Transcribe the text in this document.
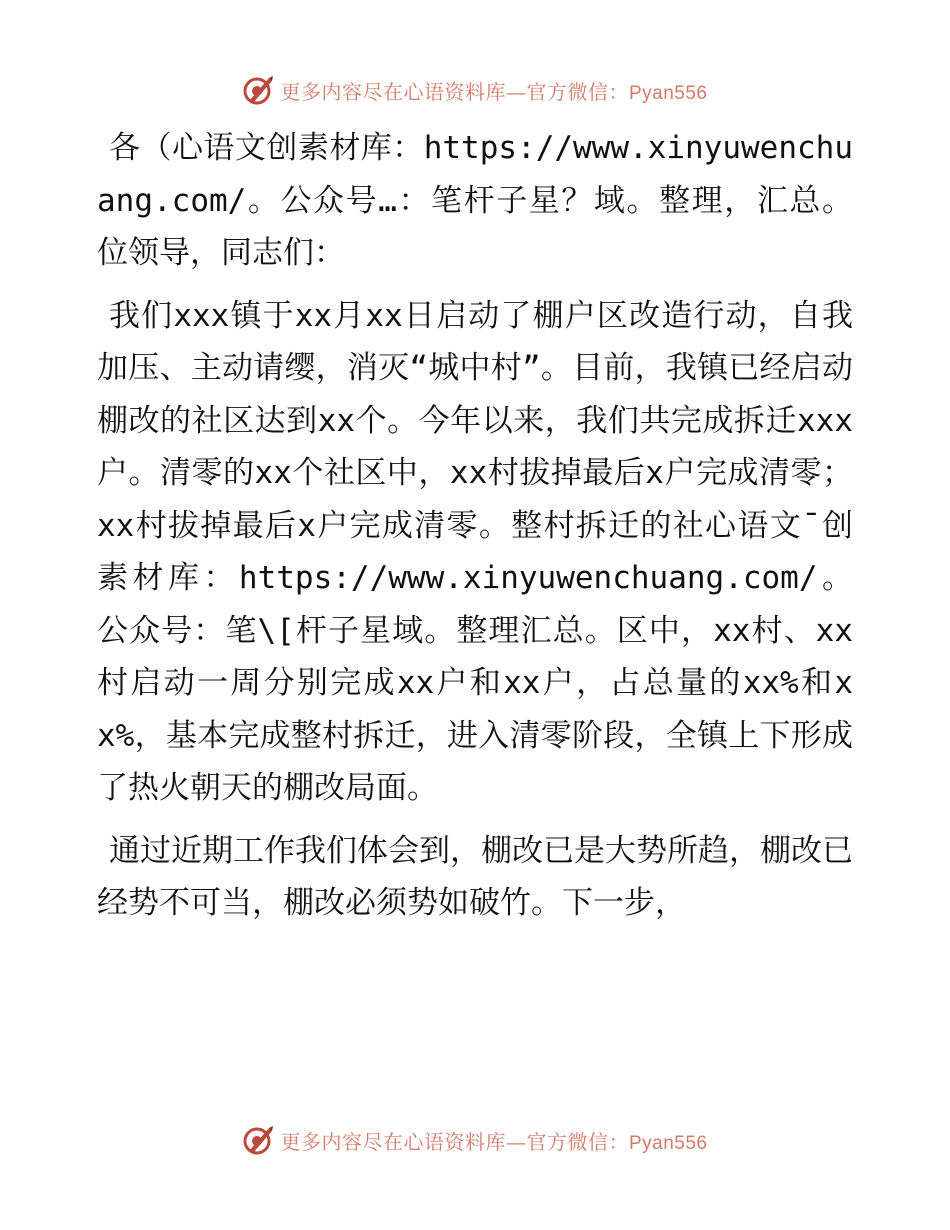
更多内容尽在心语资料库—官方微信：Pyan556

各（心语文创素材库：https://www.xinyuwenchuang.com/。公众号…：笔杆子星？域。整理，汇总。位领导，同志们：

我们xxx镇于xx月xx日启动了棚户区改造行动，自我加压、主动请缨，消灭“城中村”。目前，我镇已经启动棚改的社区达到xx个。今年以来，我们共完成拆迁xxx户。清零的xx个社区中，xx村拔掉最后x户完成清零；xx村拔掉最后x户完成清零。整村拆迁的社心语文¯创素材库：https://www.xinyuwenchuang.com/。公众号：笔\[杆子星域。整理汇总。区中，xx村、xx村启动一周分别完成xx户和xx户，占总量的xx%和xx%，基本完成整村拆迁，进入清零阶段，全镇上下形成了热火朝天的棚改局面。

通过近期工作我们体会到，棚改已是大势所趋，棚改已经势不可当，棚改必须势如破竹。下一步，

更多内容尽在心语资料库—官方微信：Pyan556
